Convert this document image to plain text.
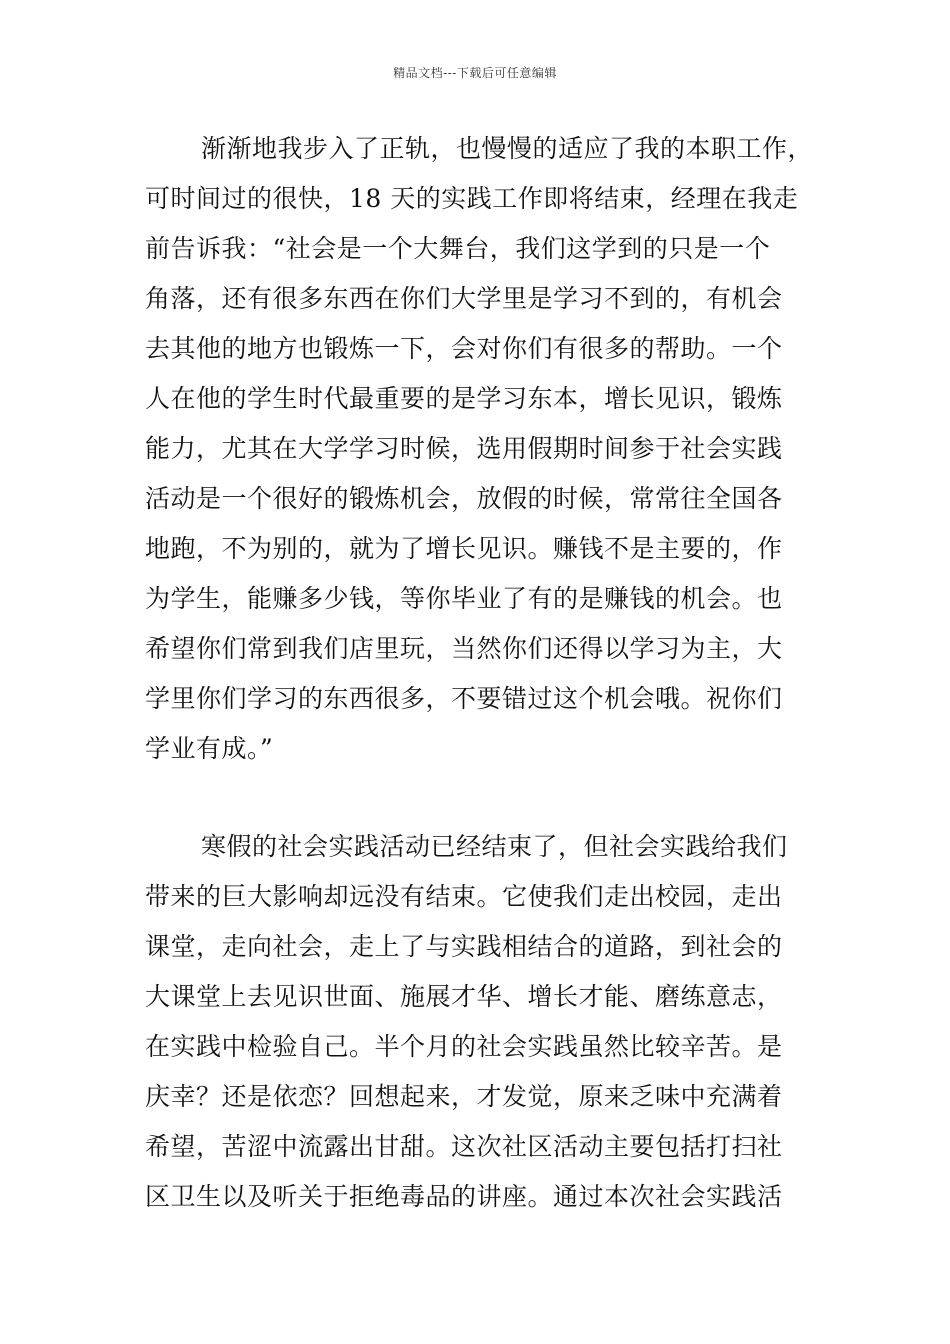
精品文档---下载后可任意编辑
渐渐地我步入了正轨，也慢慢的适应了我的本职工作，
可时间过的很快，18 天的实践工作即将结束，经理在我走
前告诉我：“社会是一个大舞台，我们这学到的只是一个
角落，还有很多东西在你们大学里是学习不到的，有机会
去其他的地方也锻炼一下，会对你们有很多的帮助。一个
人在他的学生时代最重要的是学习东本，增长见识，锻炼
能力，尤其在大学学习时候，选用假期时间参于社会实践
活动是一个很好的锻炼机会，放假的时候，常常往全国各
地跑，不为别的，就为了增长见识。赚钱不是主要的，作
为学生，能赚多少钱，等你毕业了有的是赚钱的机会。也
希望你们常到我们店里玩，当然你们还得以学习为主，大
学里你们学习的东西很多，不要错过这个机会哦。祝你们
学业有成。”
寒假的社会实践活动已经结束了，但社会实践给我们
带来的巨大影响却远没有结束。它使我们走出校园，走出
课堂，走向社会，走上了与实践相结合的道路，到社会的
大课堂上去见识世面、施展才华、增长才能、磨练意志，
在实践中检验自己。半个月的社会实践虽然比较辛苦。是
庆幸？还是依恋？回想起来，才发觉，原来乏味中充满着
希望，苦涩中流露出甘甜。这次社区活动主要包括打扫社
区卫生以及听关于拒绝毒品的讲座。通过本次社会实践活
